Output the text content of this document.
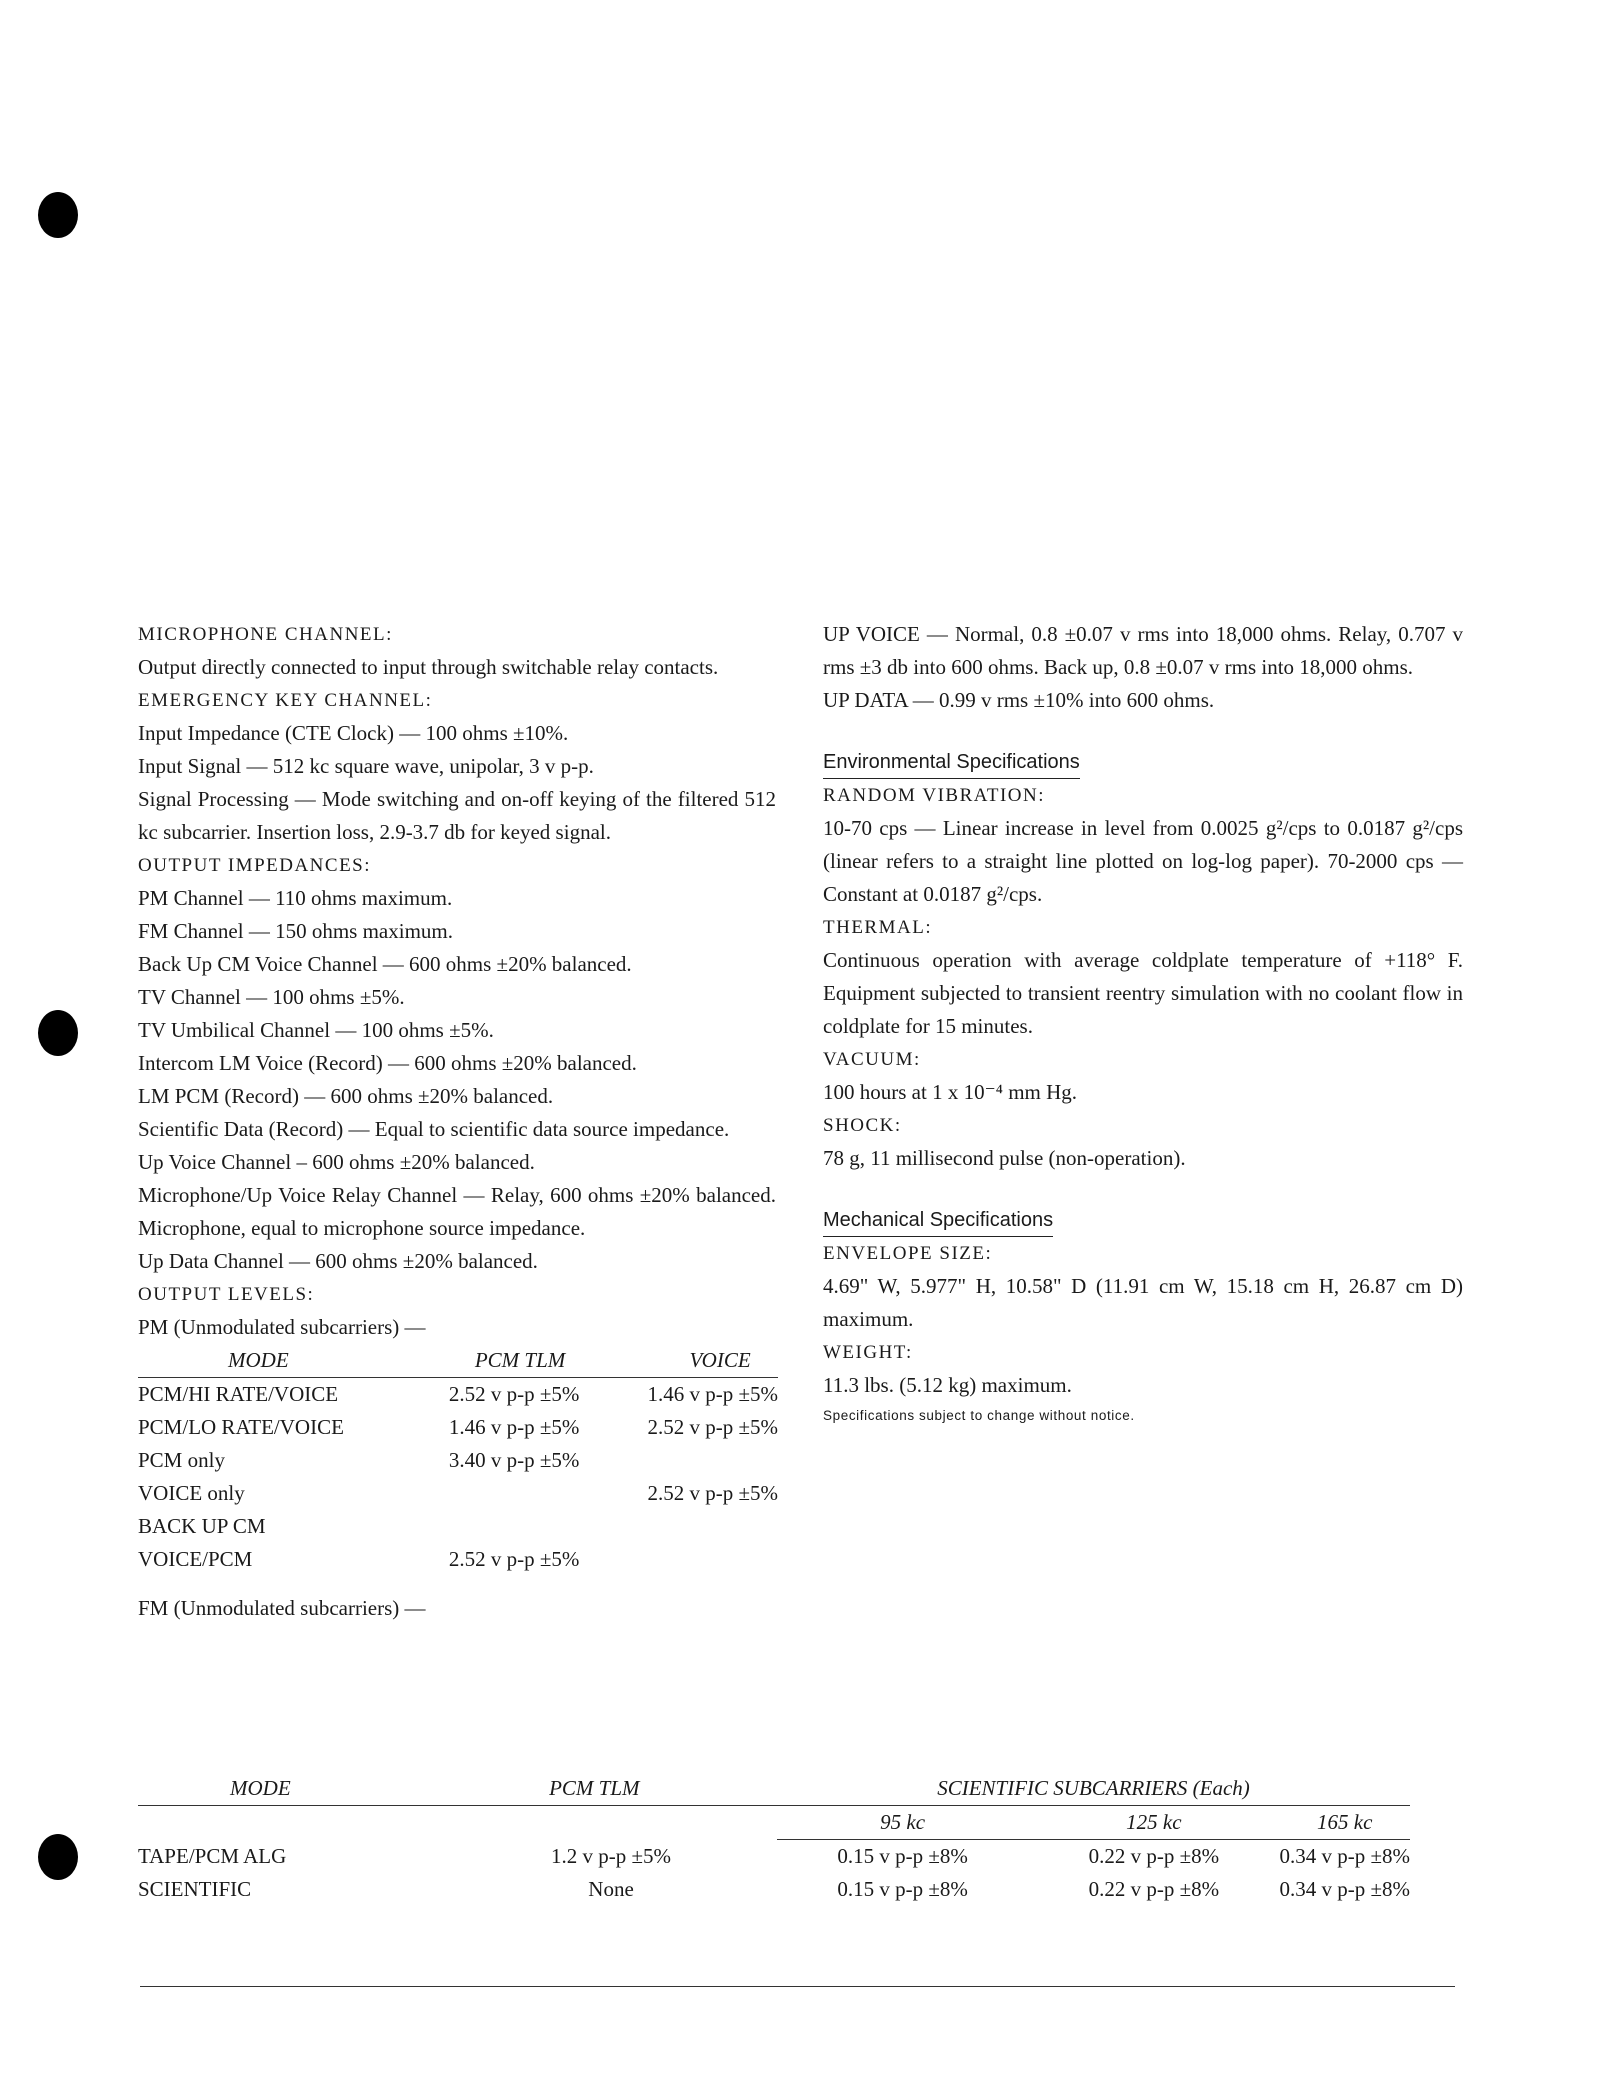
MICROPHONE CHANNEL:

Output directly connected to input through switchable relay contacts.

EMERGENCY KEY CHANNEL:

Input Impedance (CTE Clock) — 100 ohms ±10%.

Input Signal — 512 kc square wave, unipolar, 3 v p-p.

Signal Processing — Mode switching and on-off keying of the filtered 512 kc subcarrier. Insertion loss, 2.9-3.7 db for keyed signal.

OUTPUT IMPEDANCES:

PM Channel — 110 ohms maximum.

FM Channel — 150 ohms maximum.

Back Up CM Voice Channel — 600 ohms ±20% balanced.

TV Channel — 100 ohms ±5%.

TV Umbilical Channel — 100 ohms ±5%.

Intercom LM Voice (Record) — 600 ohms ±20% balanced.

LM PCM (Record) — 600 ohms ±20% balanced.

Scientific Data (Record) — Equal to scientific data source impedance.

Up Voice Channel – 600 ohms ±20% balanced.

Microphone/Up Voice Relay Channel — Relay, 600 ohms ±20% balanced. Microphone, equal to microphone source impedance.

Up Data Channel — 600 ohms ±20% balanced.

OUTPUT LEVELS:

PM (Unmodulated subcarriers) —

MODE	PCM TLM	VOICE
PCM/HI RATE/VOICE	2.52 v p-p ±5%	1.46 v p-p ±5%
PCM/LO RATE/VOICE	1.46 v p-p ±5%	2.52 v p-p ±5%
PCM only	3.40 v p-p ±5%	
VOICE only		2.52 v p-p ±5%
BACK UP CM		
VOICE/PCM	2.52 v p-p ±5%	

FM (Unmodulated subcarriers) —

UP VOICE — Normal, 0.8 ±0.07 v rms into 18,000 ohms. Relay, 0.707 v rms ±3 db into 600 ohms. Back up, 0.8 ±0.07 v rms into 18,000 ohms.

UP DATA — 0.99 v rms ±10% into 600 ohms.

Environmental Specifications

RANDOM VIBRATION:

10-70 cps — Linear increase in level from 0.0025 g²/cps to 0.0187 g²/cps (linear refers to a straight line plotted on log-log paper). 70-2000 cps — Constant at 0.0187 g²/cps.

THERMAL:

Continuous operation with average coldplate temperature of +118° F. Equipment subjected to transient reentry simulation with no coolant flow in coldplate for 15 minutes.

VACUUM:

100 hours at 1 x 10⁻⁴ mm Hg.

SHOCK:

78 g, 11 millisecond pulse (non-operation).

Mechanical Specifications

ENVELOPE SIZE:

4.69" W, 5.977" H, 10.58" D (11.91 cm W, 15.18 cm H, 26.87 cm D) maximum.

WEIGHT:

11.3 lbs. (5.12 kg) maximum.

Specifications subject to change without notice.

MODE	PCM TLM	SCIENTIFIC SUBCARRIERS (Each)		
		95 kc	125 kc	165 kc
TAPE/PCM ALG	1.2 v p-p ±5%	0.15 v p-p ±8%	0.22 v p-p ±8%	0.34 v p-p ±8%
SCIENTIFIC	None	0.15 v p-p ±8%	0.22 v p-p ±8%	0.34 v p-p ±8%
